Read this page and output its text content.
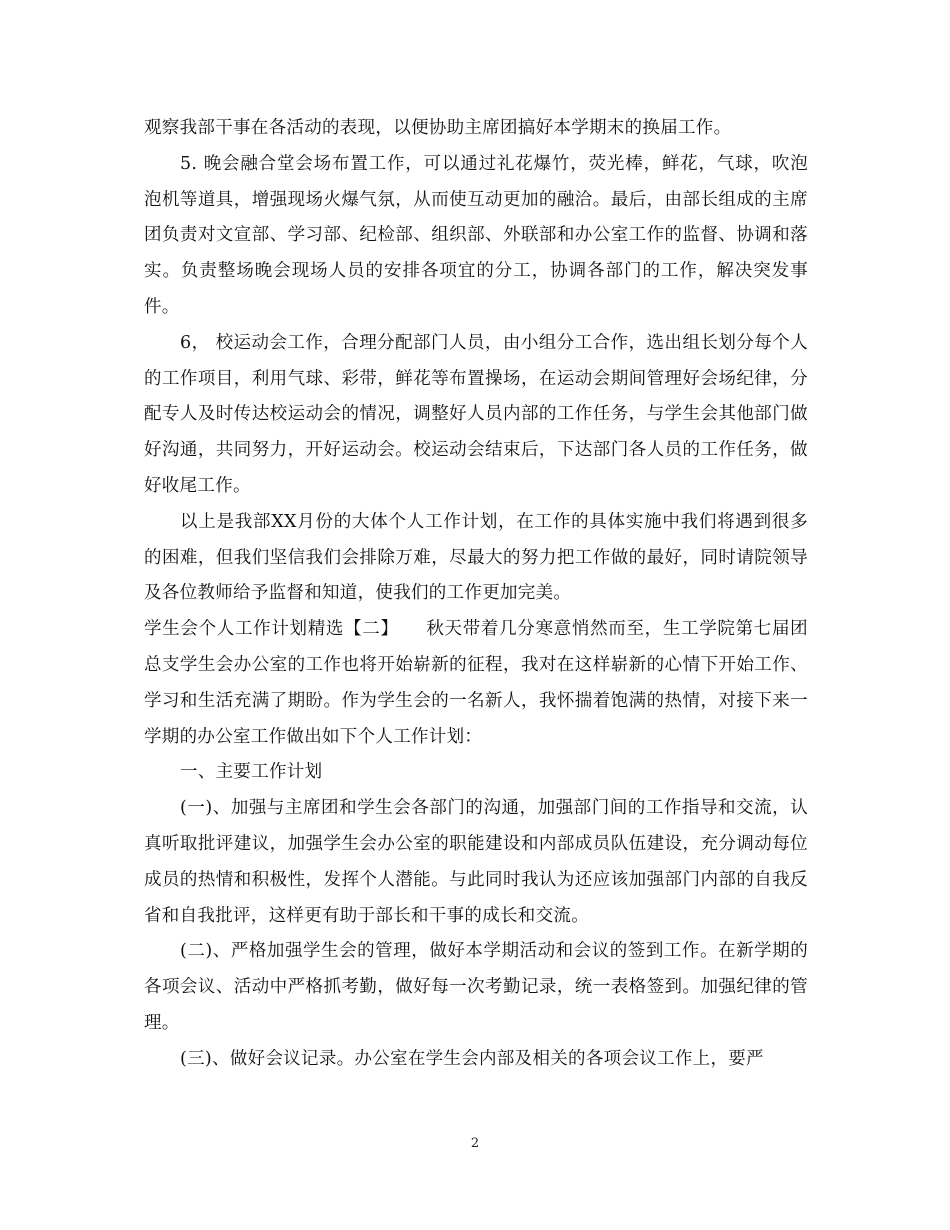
观察我部干事在各活动的表现，以便协助主席团搞好本学期末的换届工作。

5. 晚会融合堂会场布置工作，可以通过礼花爆竹，荧光棒，鲜花，气球，吹泡泡机等道具，增强现场火爆气氛，从而使互动更加的融洽。最后，由部长组成的主席团负责对文宣部、学习部、纪检部、组织部、外联部和办公室工作的监督、协调和落实。负责整场晚会现场人员的安排各项宜的分工，协调各部门的工作，解决突发事件。

6， 校运动会工作，合理分配部门人员，由小组分工合作，选出组长划分每个人的工作项目，利用气球、彩带，鲜花等布置操场，在运动会期间管理好会场纪律，分配专人及时传达校运动会的情况，调整好人员内部的工作任务，与学生会其他部门做好沟通，共同努力，开好运动会。校运动会结束后，下达部门各人员的工作任务，做好收尾工作。

以上是我部XX月份的大体个人工作计划，在工作的具体实施中我们将遇到很多的困难，但我们坚信我们会排除万难，尽最大的努力把工作做的最好，同时请院领导及各位教师给予监督和知道，使我们的工作更加完美。

学生会个人工作计划精选【二】　　秋天带着几分寒意悄然而至，生工学院第七届团总支学生会办公室的工作也将开始崭新的征程，我对在这样崭新的心情下开始工作、学习和生活充满了期盼。作为学生会的一名新人，我怀揣着饱满的热情，对接下来一学期的办公室工作做出如下个人工作计划：

一、主要工作计划

(一)、加强与主席团和学生会各部门的沟通，加强部门间的工作指导和交流，认真听取批评建议，加强学生会办公室的职能建设和内部成员队伍建设，充分调动每位成员的热情和积极性，发挥个人潜能。与此同时我认为还应该加强部门内部的自我反省和自我批评，这样更有助于部长和干事的成长和交流。

(二)、严格加强学生会的管理，做好本学期活动和会议的签到工作。在新学期的各项会议、活动中严格抓考勤，做好每一次考勤记录，统一表格签到。加强纪律的管理。

(三)、做好会议记录。办公室在学生会内部及相关的各项会议工作上，要严

2
